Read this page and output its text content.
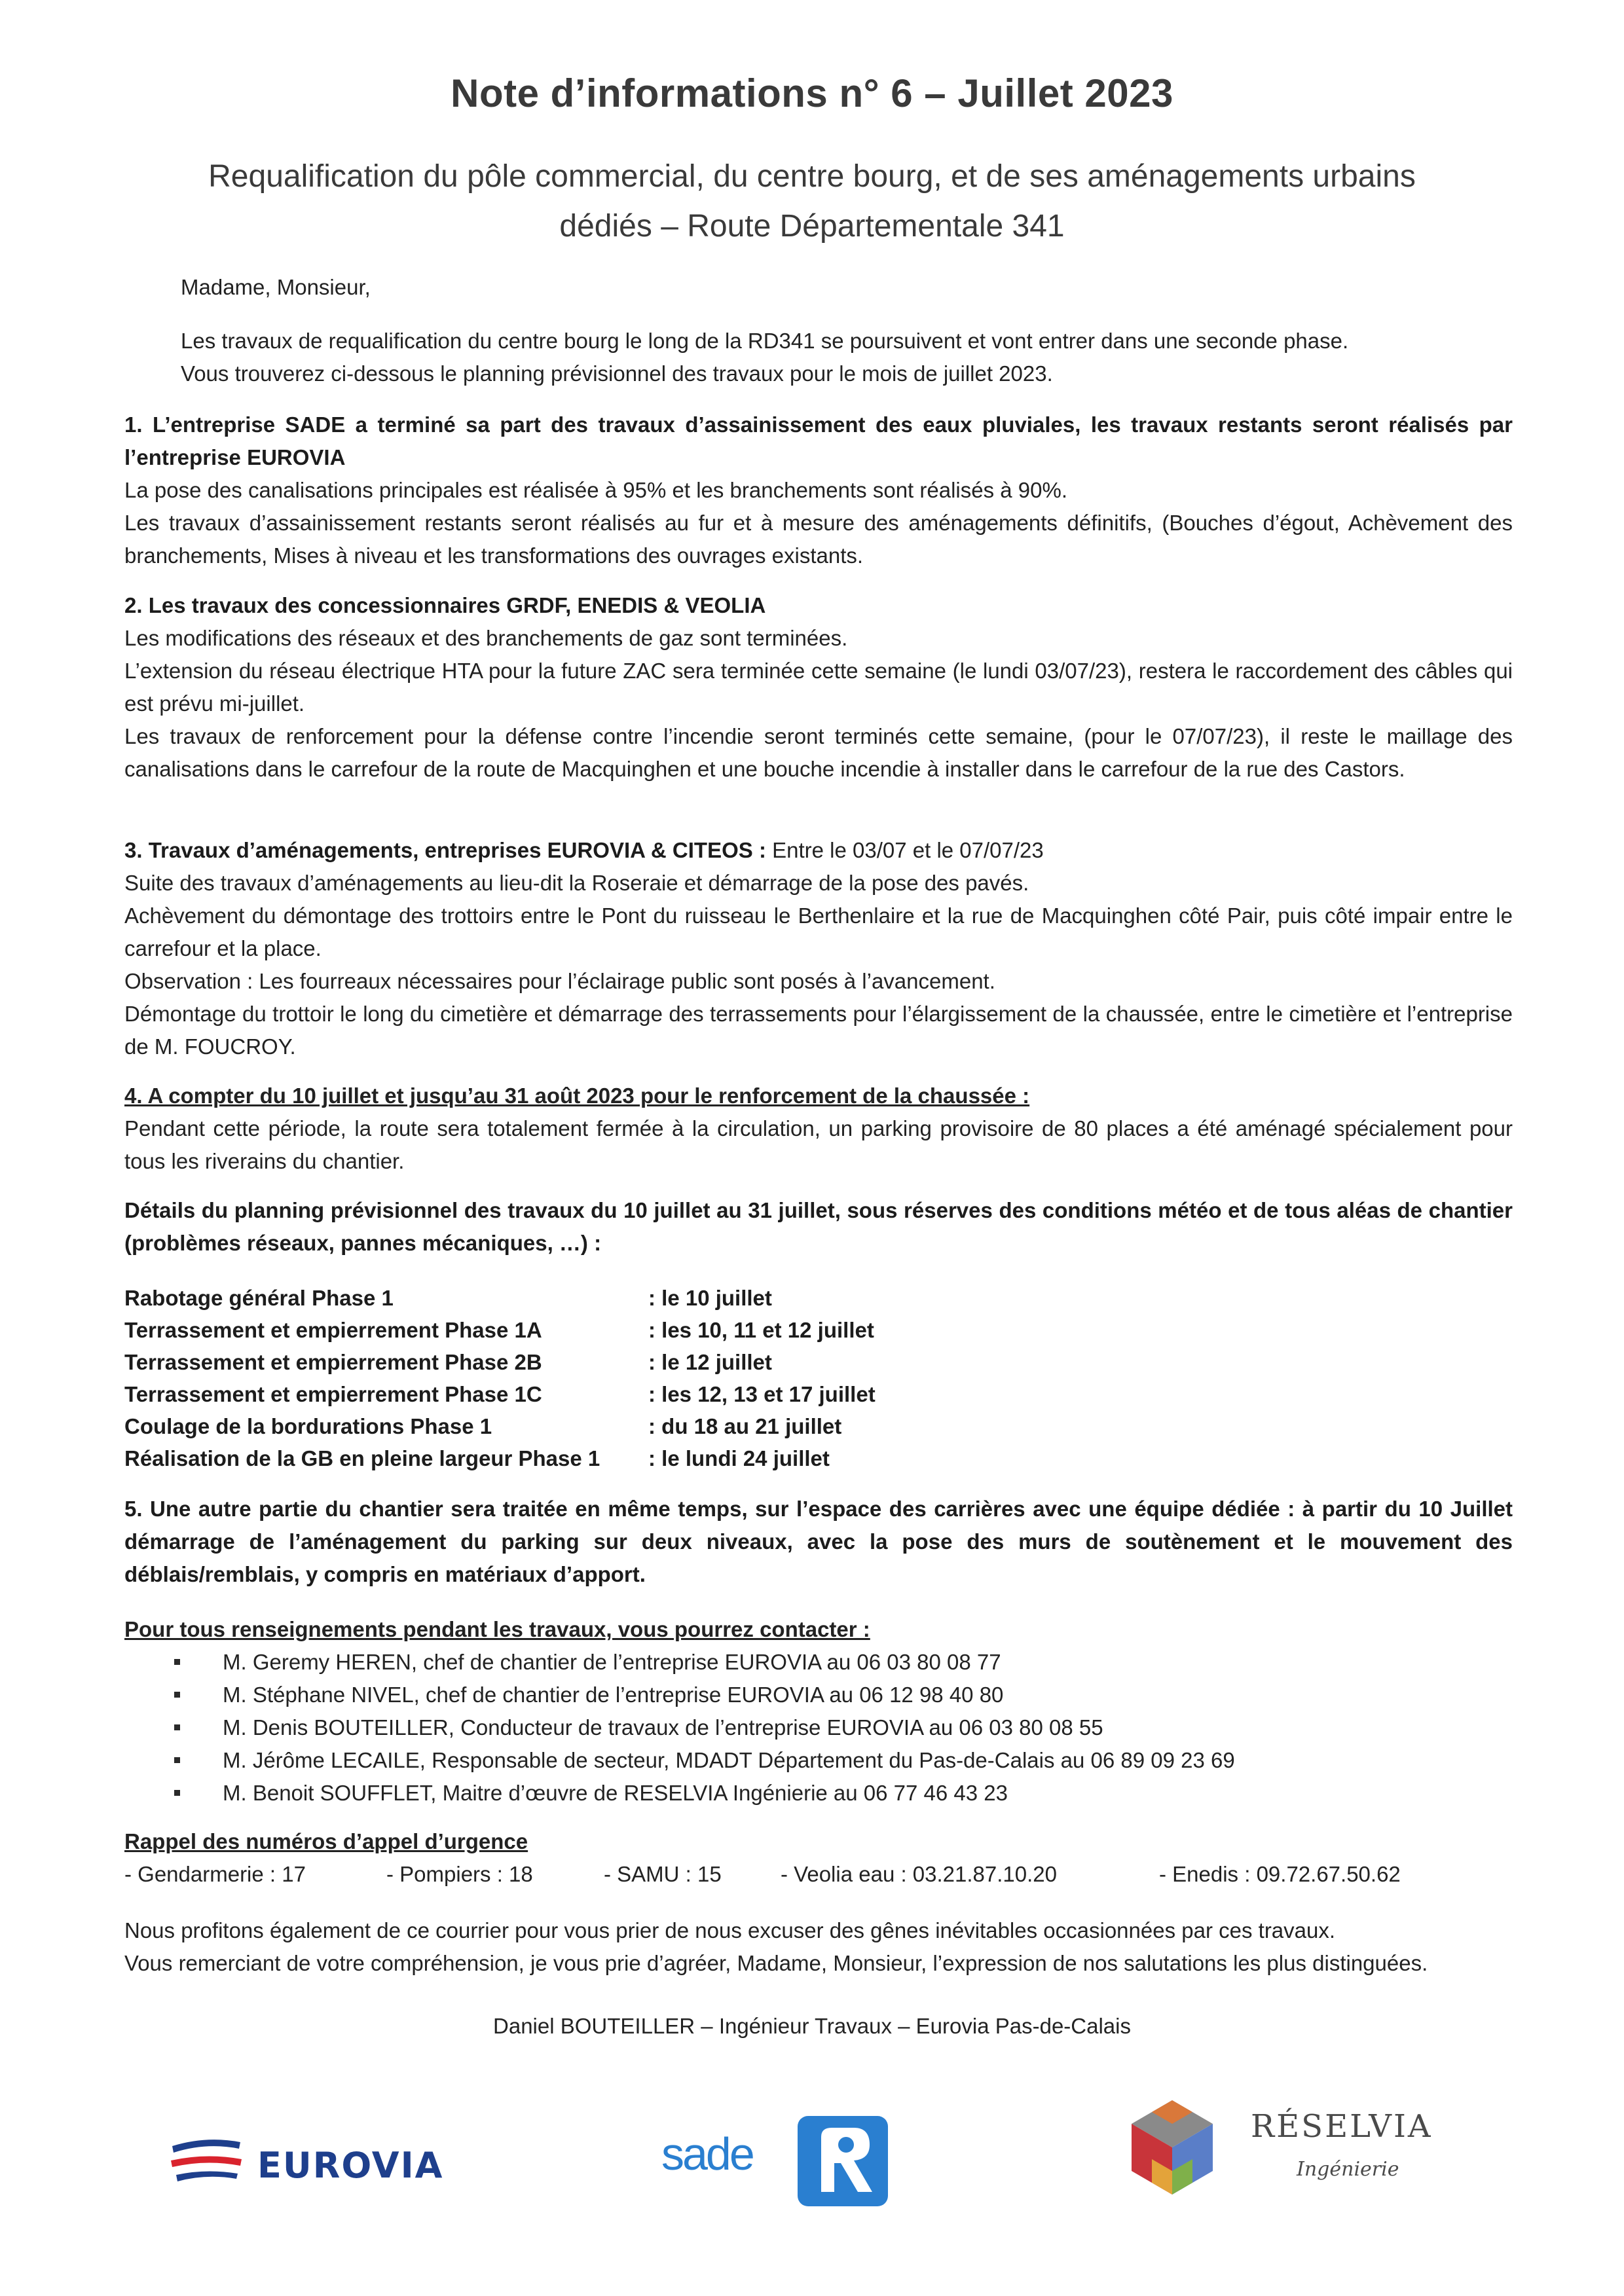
Note d’informations n° 6 – Juillet 2023
Requalification du pôle commercial, du centre bourg, et de ses aménagements urbains
dédiés – Route Départementale 341
Madame, Monsieur,
Les travaux de requalification du centre bourg le long de la RD341 se poursuivent et vont entrer dans une seconde phase.
Vous trouverez ci-dessous le planning prévisionnel des travaux pour le mois de juillet 2023.

1. L’entreprise SADE a terminé sa part des travaux d’assainissement des eaux pluviales, les travaux restants seront réalisés par l’entreprise EUROVIA

La pose des canalisations principales est réalisée à 95% et les branchements sont réalisés à 90%.

Les travaux d’assainissement restants seront réalisés au fur et à mesure des aménagements définitifs, (Bouches d’égout, Achèvement des branchements, Mises à niveau et les transformations des ouvrages existants.

2. Les travaux des concessionnaires GRDF, ENEDIS & VEOLIA

Les modifications des réseaux et des branchements de gaz sont terminées.

L’extension du réseau électrique HTA pour la future ZAC sera terminée cette semaine (le lundi 03/07/23), restera le raccordement des câbles qui est prévu mi-juillet.

Les travaux de renforcement pour la défense contre l’incendie seront terminés cette semaine, (pour le 07/07/23), il reste le maillage des canalisations dans le carrefour de la route de Macquinghen et une bouche incendie à installer dans le carrefour de la rue des Castors.

3. Travaux d’aménagements, entreprises EUROVIA & CITEOS : Entre le 03/07 et le 07/07/23

Suite des travaux d’aménagements au lieu-dit la Roseraie et démarrage de la pose des pavés.

Achèvement du démontage des trottoirs entre le Pont du ruisseau le Berthenlaire et la rue de Macquinghen côté Pair, puis côté impair entre le carrefour et la place.

Observation : Les fourreaux nécessaires pour l’éclairage public sont posés à l’avancement.

Démontage du trottoir le long du cimetière et démarrage des terrassements pour l’élargissement de la chaussée, entre le cimetière et l’entreprise de M. FOUCROY.

4. A compter du 10 juillet et jusqu’au 31 août 2023 pour le renforcement de la chaussée :

Pendant cette période, la route sera totalement fermée à la circulation, un parking provisoire de 80 places a été aménagé spécialement pour tous les riverains du chantier.

Détails du planning prévisionnel des travaux du 10 juillet au 31 juillet, sous réserves des conditions météo et de tous aléas de chantier (problèmes réseaux, pannes mécaniques, …) :
Rabotage général Phase 1	: le 10 juillet
Terrassement et empierrement Phase 1A	: les 10, 11 et 12 juillet
Terrassement et empierrement Phase 2B	: le 12 juillet
Terrassement et empierrement Phase 1C	: les 12, 13 et 17 juillet
Coulage de la bordurations Phase 1	: du 18 au 21 juillet
Réalisation de la GB en pleine largeur Phase 1 : le lundi 24 juillet
5. Une autre partie du chantier sera traitée en même temps, sur l’espace des carrières avec une équipe dédiée : à partir du 10 Juillet démarrage de l’aménagement du parking sur deux niveaux, avec la pose des murs de soutènement et le mouvement des déblais/remblais, y compris en matériaux d’apport.
Pour tous renseignements pendant les travaux, vous pourrez contacter :
M. Geremy HEREN, chef de chantier de l’entreprise EUROVIA au 06 03 80 08 77
M. Stéphane NIVEL, chef de chantier de l’entreprise EUROVIA au 06 12 98 40 80
M. Denis BOUTEILLER, Conducteur de travaux de l’entreprise EUROVIA au 06 03 80 08 55
M. Jérôme LECAILE, Responsable de secteur, MDADT Département du Pas-de-Calais au 06 89 09 23 69
M. Benoit SOUFFLET, Maitre d’œuvre de RESELVIA Ingénierie au 06 77 46 43 23
Rappel des numéros d’appel d’urgence
- Gendarmerie : 17	- Pompiers : 18	- SAMU : 15	- Veolia eau : 03.21.87.10.20	- Enedis : 09.72.67.50.62

Nous profitons également de ce courrier pour vous prier de nous excuser des gênes inévitables occasionnées par ces travaux.

Vous remerciant de votre compréhension, je vous prie d’agréer, Madame, Monsieur, l’expression de nos salutations les plus distinguées.

Daniel BOUTEILLER – Ingénieur Travaux – Eurovia Pas-de-Calais
EUROVIA	sade
RÉSELVIA
Ingénierie
